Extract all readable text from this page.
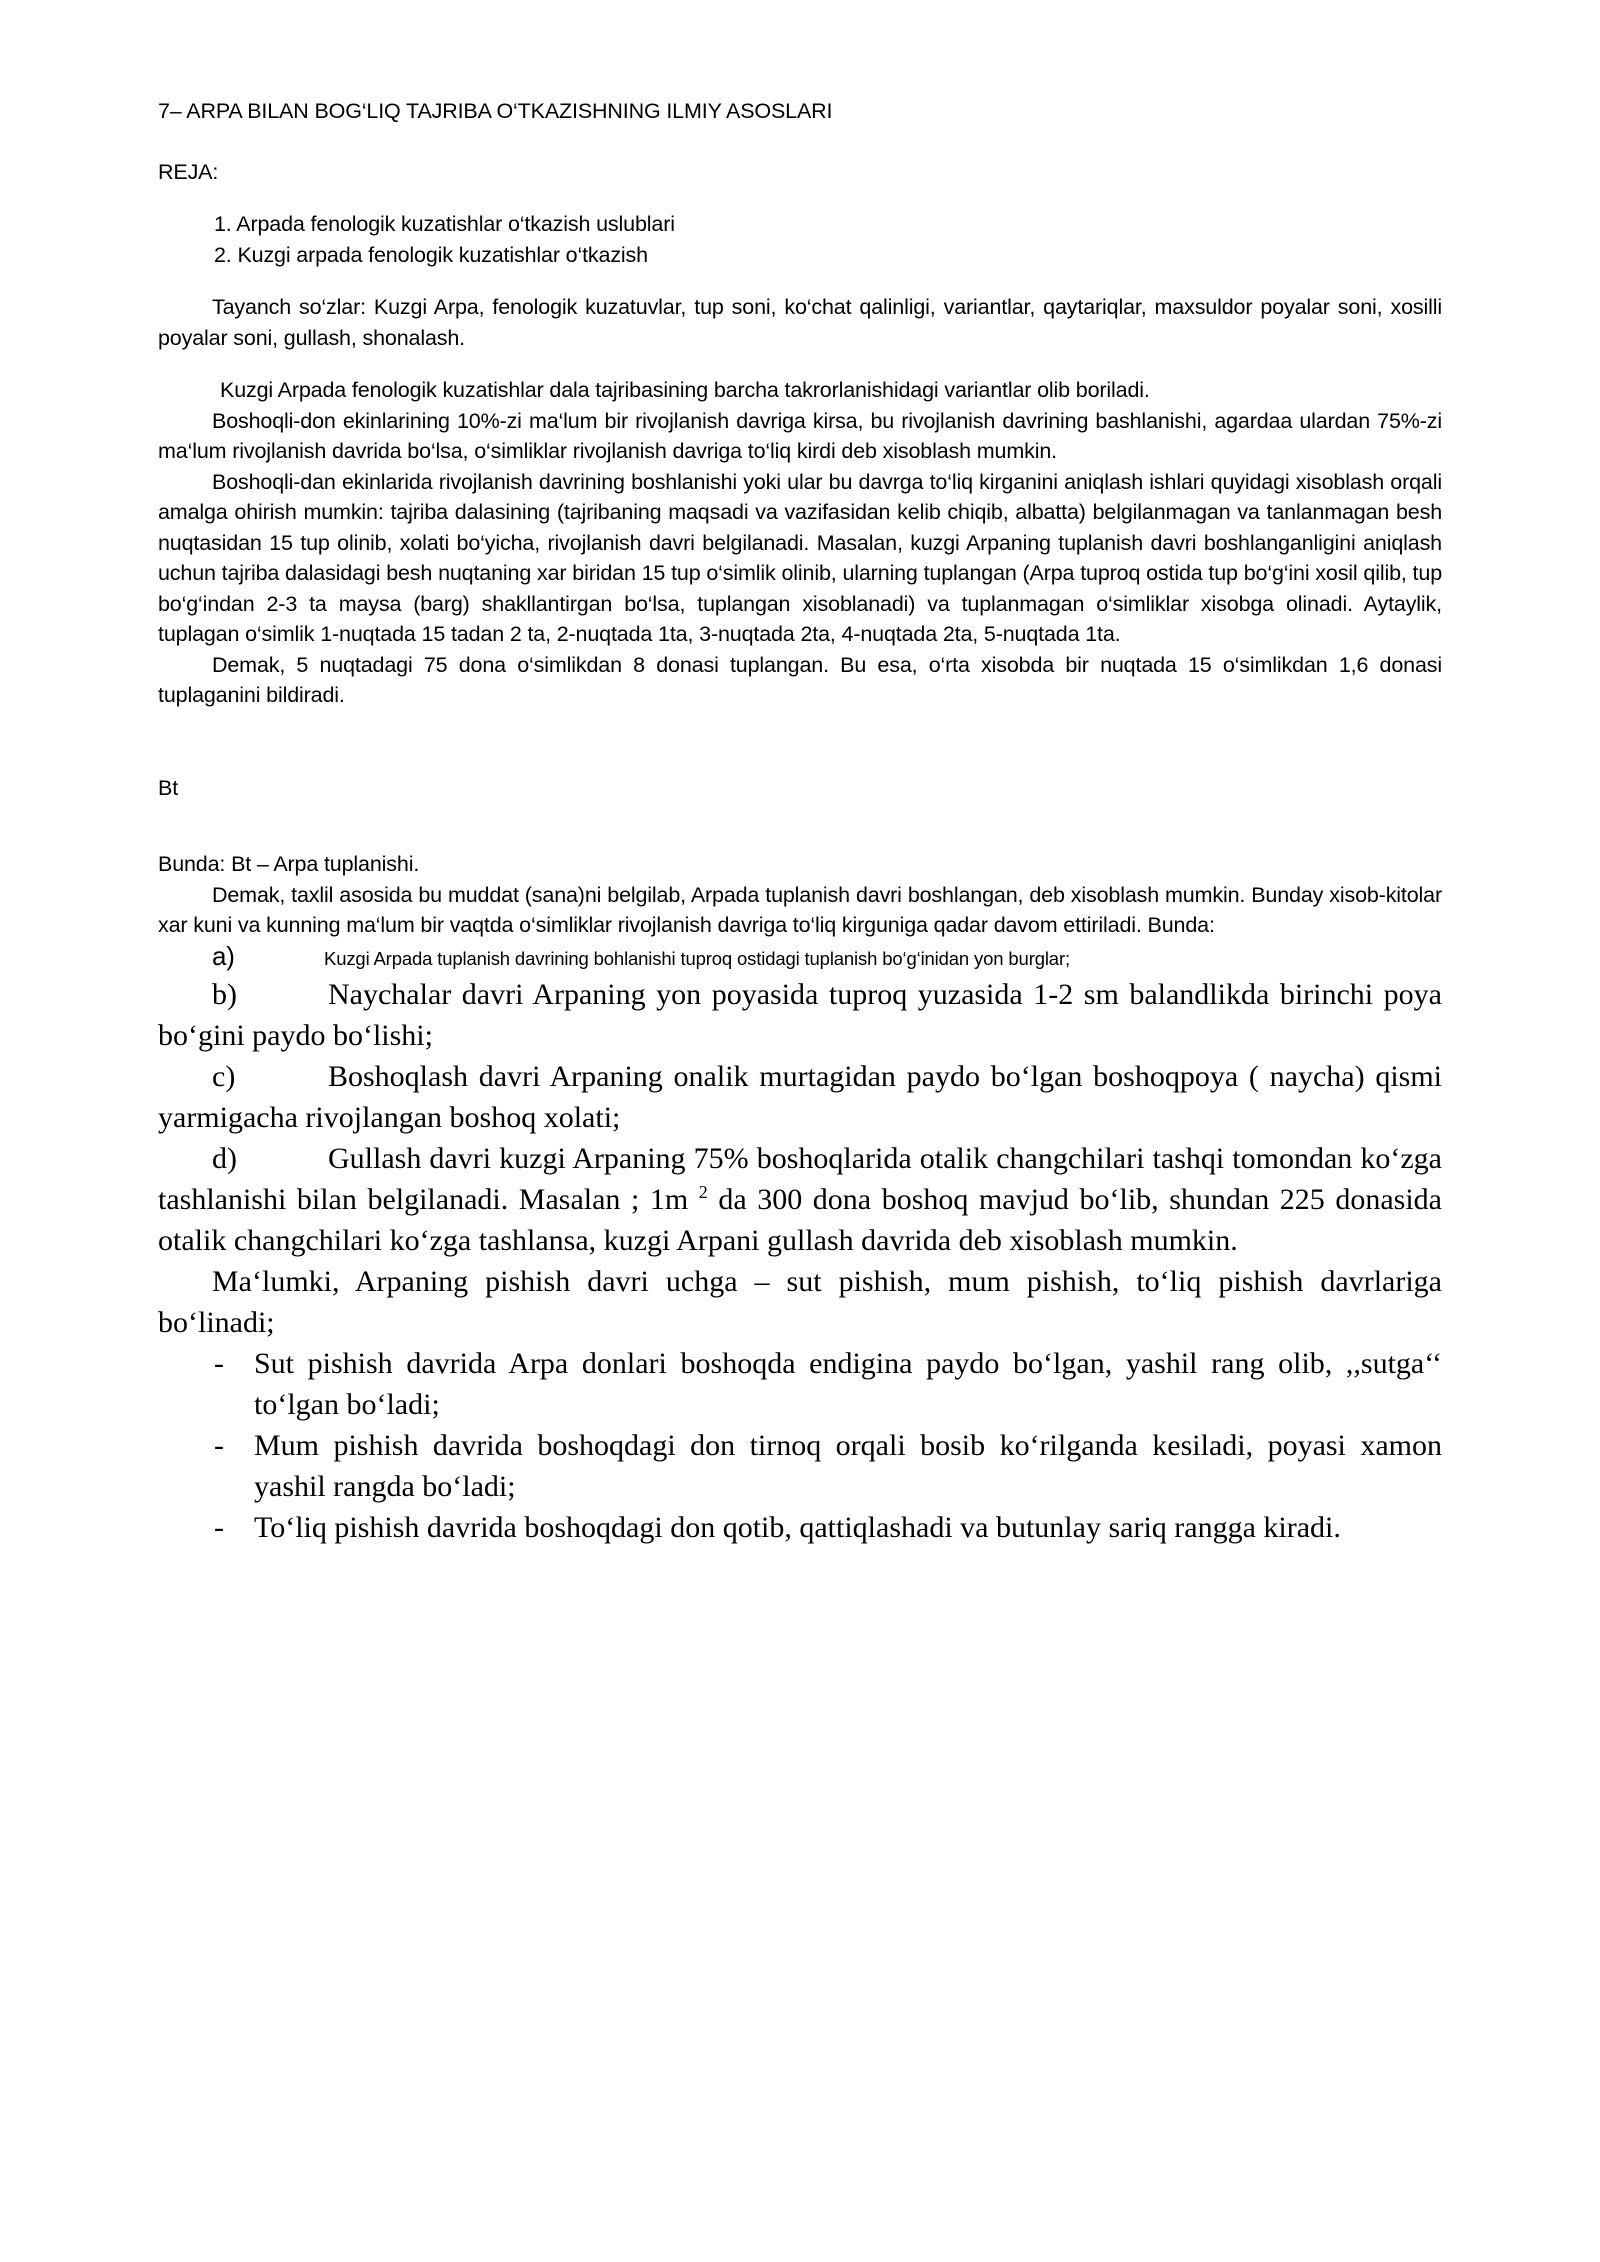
7– ARPA BILAN BOG‘LIQ TAJRIBA O‘TKAZISHNING ILMIY ASOSLARI

REJA:

1. Arpada fenologik kuzatishlar o‘tkazish uslublari
2. Kuzgi arpada fenologik kuzatishlar o‘tkazish

Tayanch so‘zlar: Kuzgi Arpa, fenologik kuzatuvlar, tup soni, ko‘chat qalinligi, variantlar, qaytariqlar, maxsuldor poyalar soni, xosilli poyalar soni, gullash, shonalash.

Kuzgi Arpada fenologik kuzatishlar dala tajribasining barcha takrorlanishidagi variantlar olib boriladi.

Boshoqli-don ekinlarining 10%-zi ma‘lum bir rivojlanish davriga kirsa, bu rivojlanish davrining bashlanishi, agardaa ulardan 75%-zi ma‘lum rivojlanish davrida bo‘lsa, o‘simliklar rivojlanish davriga to‘liq kirdi deb xisoblash mumkin.

Boshoqli-dan ekinlarida rivojlanish davrining boshlanishi yoki ular bu davrga to‘liq kirganini aniqlash ishlari quyidagi xisoblash orqali amalga ohirish mumkin: tajriba dalasining (tajribaning maqsadi va vazifasidan kelib chiqib, albatta) belgilanmagan va tanlanmagan besh nuqtasidan 15 tup olinib, xolati bo‘yicha, rivojlanish davri belgilanadi. Masalan, kuzgi Arpaning tuplanish davri boshlanganligini aniqlash uchun tajriba dalasidagi besh nuqtaning xar biridan 15 tup o‘simlik olinib, ularning tuplangan (Arpa tuproq ostida tup bo‘g‘ini xosil qilib, tup bo‘g‘indan 2-3 ta maysa (barg) shakllantirgan bo‘lsa, tuplangan xisoblanadi) va tuplanmagan o‘simliklar xisobga olinadi. Aytaylik, tuplagan o‘simlik 1-nuqtada 15 tadan 2 ta, 2-nuqtada 1ta, 3-nuqtada 2ta, 4-nuqtada 2ta, 5-nuqtada 1ta.

Demak, 5 nuqtadagi 75 dona o‘simlikdan 8 donasi tuplangan. Bu esa, o‘rta xisobda bir nuqtada 15 o‘simlikdan 1,6 donasi tuplaganini bildiradi.

Bt

Bunda: Bt – Arpa tuplanishi.

Demak, taxlil asosida bu muddat (sana)ni belgilab, Arpada tuplanish davri boshlangan, deb xisoblash mumkin. Bunday xisob-kitolar xar kuni va kunning ma‘lum bir vaqtda o‘simliklar rivojlanish davriga to‘liq kirguniga qadar davom ettiriladi. Bunda:

a)	Kuzgi Arpada tuplanish davrining bohlanishi tuproq ostidagi tuplanish bo‘g‘inidan yon burglar;

b)	Naychalar davri Arpaning yon poyasida tuproq yuzasida 1-2 sm balandlikda birinchi poya bo‘gini paydo bo‘lishi;

c)	Boshoqlash davri Arpaning onalik murtagidan paydo bo‘lgan boshoqpoya ( naycha) qismi yarmigacha rivojlangan boshoq xolati;

d)	Gullash davri kuzgi Arpaning 75% boshoqlarida otalik changchilari tashqi tomondan ko‘zga tashlanishi bilan belgilanadi. Masalan ; 1m $^2$ da 300 dona boshoq mavjud bo‘lib, shundan 225 donasida otalik changchilari ko‘zga tashlansa, kuzgi Arpani gullash davrida deb xisoblash mumkin.

Ma‘lumki, Arpaning pishish davri uchga – sut pishish, mum pishish, to‘liq pishish davrlariga bo‘linadi;

- Sut pishish davrida Arpa donlari boshoqda endigina paydo bo‘lgan, yashil rang olib, ,,sutga‘‘ to‘lgan bo‘ladi;
- Mum pishish davrida boshoqdagi don tirnoq orqali bosib ko‘rilganda kesiladi, poyasi xamon yashil rangda bo‘ladi;
- To‘liq pishish davrida boshoqdagi don qotib, qattiqlashadi va butunlay sariq rangga kiradi.
